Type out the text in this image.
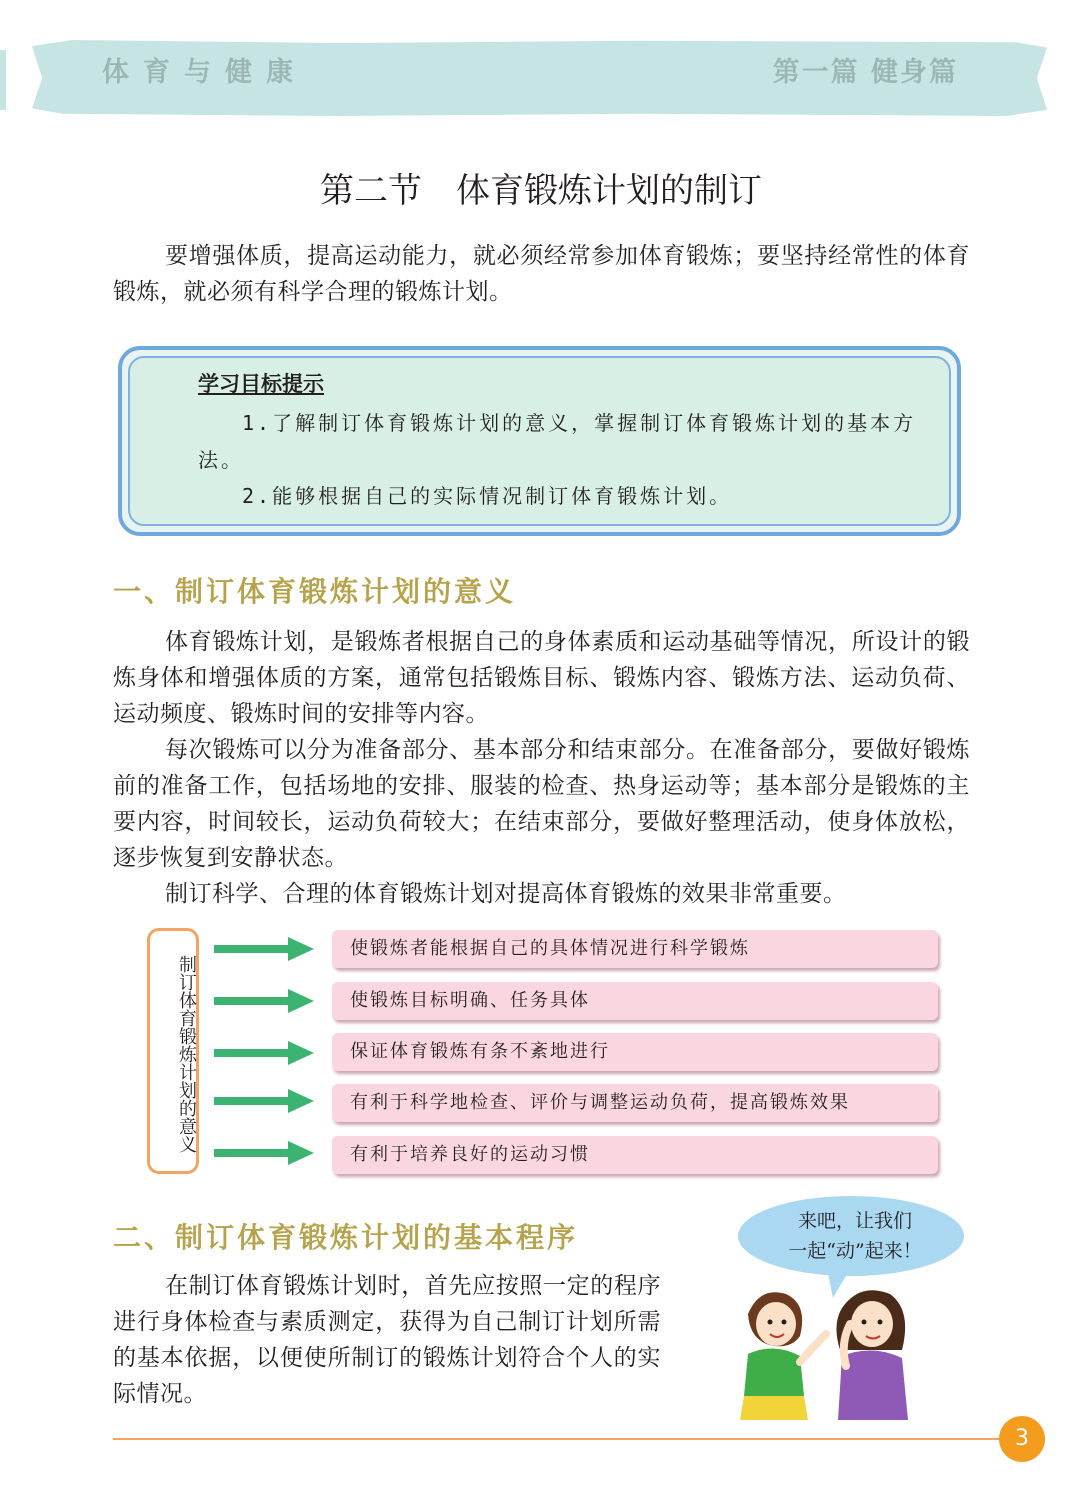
体育与健康	第一篇 健身篇
第二节　体育锻炼计划的制订

要增强体质，提高运动能力，就必须经常参加体育锻炼；要坚持经常性的体育锻炼，就必须有科学合理的锻炼计划。

学习目标提示

1.了解制订体育锻炼计划的意义，掌握制订体育锻炼计划的基本方法。

2.能够根据自己的实际情况制订体育锻炼计划。

一、制订体育锻炼计划的意义

体育锻炼计划，是锻炼者根据自己的身体素质和运动基础等情况，所设计的锻炼身体和增强体质的方案，通常包括锻炼目标、锻炼内容、锻炼方法、运动负荷、运动频度、锻炼时间的安排等内容。

每次锻炼可以分为准备部分、基本部分和结束部分。在准备部分，要做好锻炼前的准备工作，包括场地的安排、服装的检查、热身运动等；基本部分是锻炼的主要内容，时间较长，运动负荷较大；在结束部分，要做好整理活动，使身体放松，逐步恢复到安静状态。

制订科学、合理的体育锻炼计划对提高体育锻炼的效果非常重要。

制订体育锻炼计划的意义
使锻炼者能根据自己的具体情况进行科学锻炼
使锻炼目标明确、任务具体
保证体育锻炼有条不紊地进行
有利于科学地检查、评价与调整运动负荷，提高锻炼效果
有利于培养良好的运动习惯
二、制订体育锻炼计划的基本程序

在制订体育锻炼计划时，首先应按照一定的程序进行身体检查与素质测定，获得为自己制订计划所需的基本依据，以便使所制订的锻炼计划符合个人的实际情况。

来吧，让我们
一起“动”起来！
3
